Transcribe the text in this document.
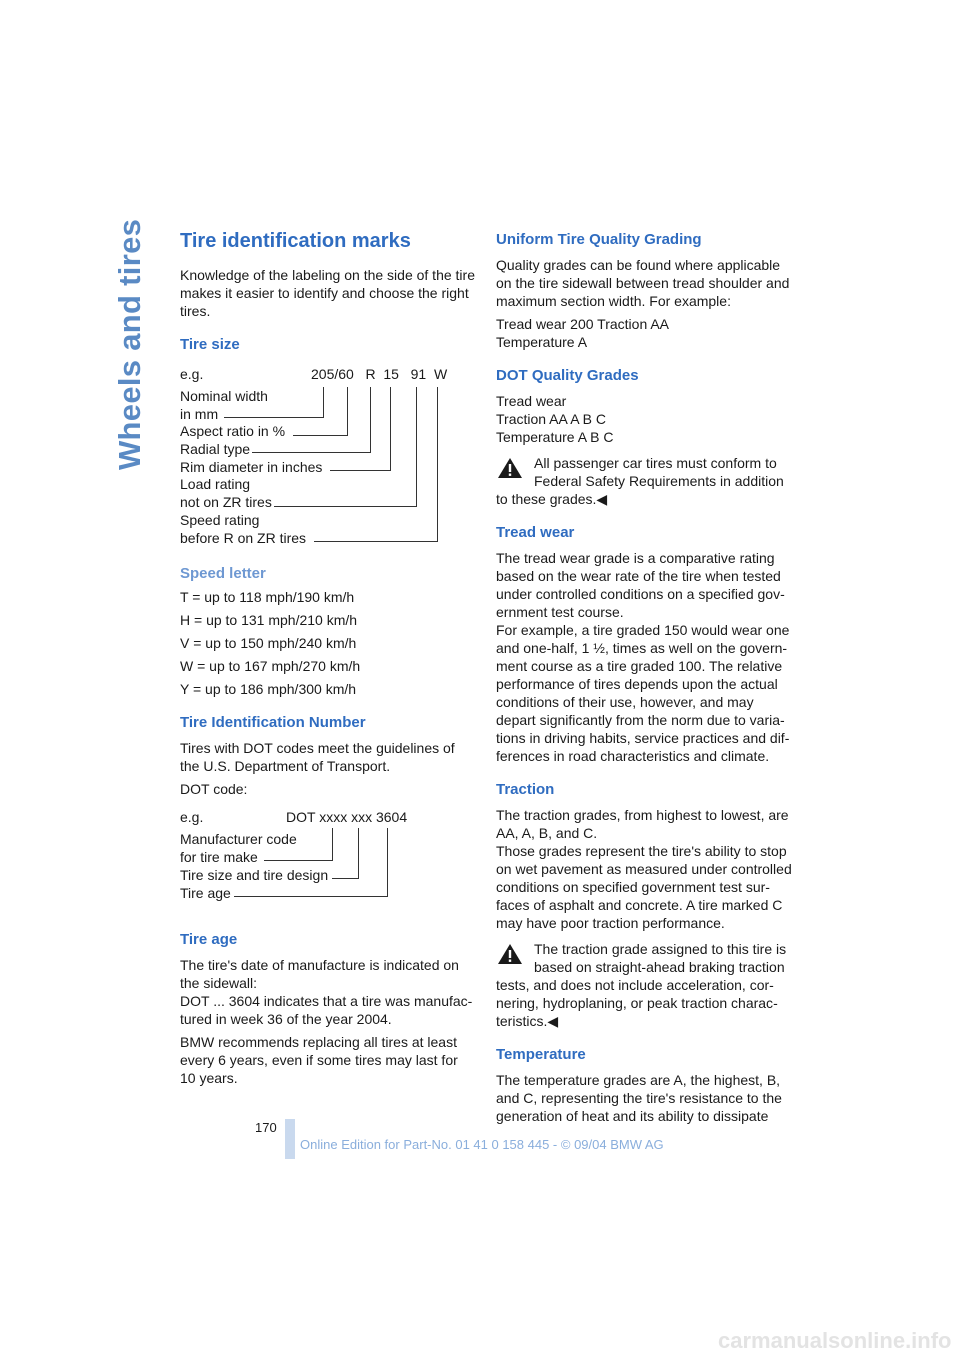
Wheels and tires Tire identification marks

Knowledge of the labeling on the side of the tire makes it easier to identify and choose the right tires.

Tire size
e.g.	205/60   R  15   91  W
Nominal width
in mm
Aspect ratio in %
Radial type
Rim diameter in inches
Load rating
not on ZR tires
Speed rating
before R on ZR tires
Speed letter

T = up to 118 mph/190 km/h

H = up to 131 mph/210 km/h

V = up to 150 mph/240 km/h

W = up to 167 mph/270 km/h

Y = up to 186 mph/300 km/h

Tire Identification Number

Tires with DOT codes meet the guidelines of the U.S. Department of Transport.

DOT code:

e.g.	DOT xxxx xxx 3604
Manufacturer code
for tire make
Tire size and tire design
Tire age
Tire age

The tire's date of manufacture is indicated on the sidewall:

DOT ... 3604 indicates that a tire was manufactured in week 36 of the year 2004.

BMW recommends replacing all tires at least every 6 years, even if some tires may last for 10 years.

Uniform Tire Quality Grading

Quality grades can be found where applicable on the tire sidewall between tread shoulder and maximum section width. For example:

Tread wear 200 Traction AA

Temperature A

DOT Quality Grades

Tread wear

Traction AA A B C

Temperature A B C

All passenger car tires must conform to
Federal Safety Requirements in addition
to these grades.◀
Tread wear

The tread wear grade is a comparative rating based on the wear rate of the tire when tested under controlled conditions on a specified government test course.

For example, a tire graded 150 would wear one and one-half, 1 ½, times as well on the government course as a tire graded 100. The relative performance of tires depends upon the actual conditions of their use, however, and may depart significantly from the norm due to variations in driving habits, service practices and differences in road characteristics and climate.

Traction

The traction grades, from highest to lowest, are AA, A, B, and C.

Those grades represent the tire's ability to stop on wet pavement as measured under controlled conditions on specified government test surfaces of asphalt and concrete. A tire marked C may have poor traction performance.

The traction grade assigned to this tire is
based on straight-ahead braking traction
tests, and does not include acceleration, cornering, hydroplaning, or peak traction characteristics.◀
Temperature

The temperature grades are A, the highest, B, and C, representing the tire's resistance to the generation of heat and its ability to dissipate

170
Online Edition for Part-No. 01 41 0 158 445 - © 09/04 BMW AG
carmanualsonline.info
